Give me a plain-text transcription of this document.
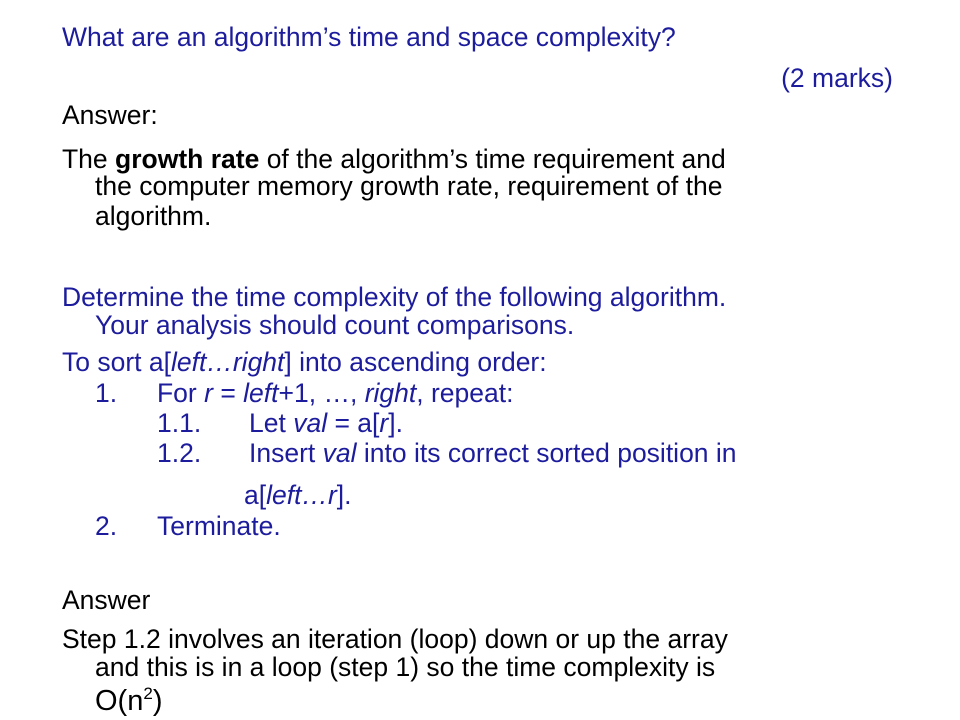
What are an algorithm’s time and space complexity?
(2 marks)
Answer:
The growth rate of the algorithm’s time requirement and
the computer memory growth rate, requirement of the
algorithm.
Determine the time complexity of the following algorithm.
Your analysis should count comparisons.
To sort a[left…right] into ascending order:
1. For r = left+1, …, right, repeat:
1.1. Let val = a[r].
1.2. Insert val into its correct sorted position in
a[left…r].
2. Terminate.
Answer
Step 1.2 involves an iteration (loop) down or up the array
and this is in a loop (step 1) so the time complexity is
$O(n^2)$
